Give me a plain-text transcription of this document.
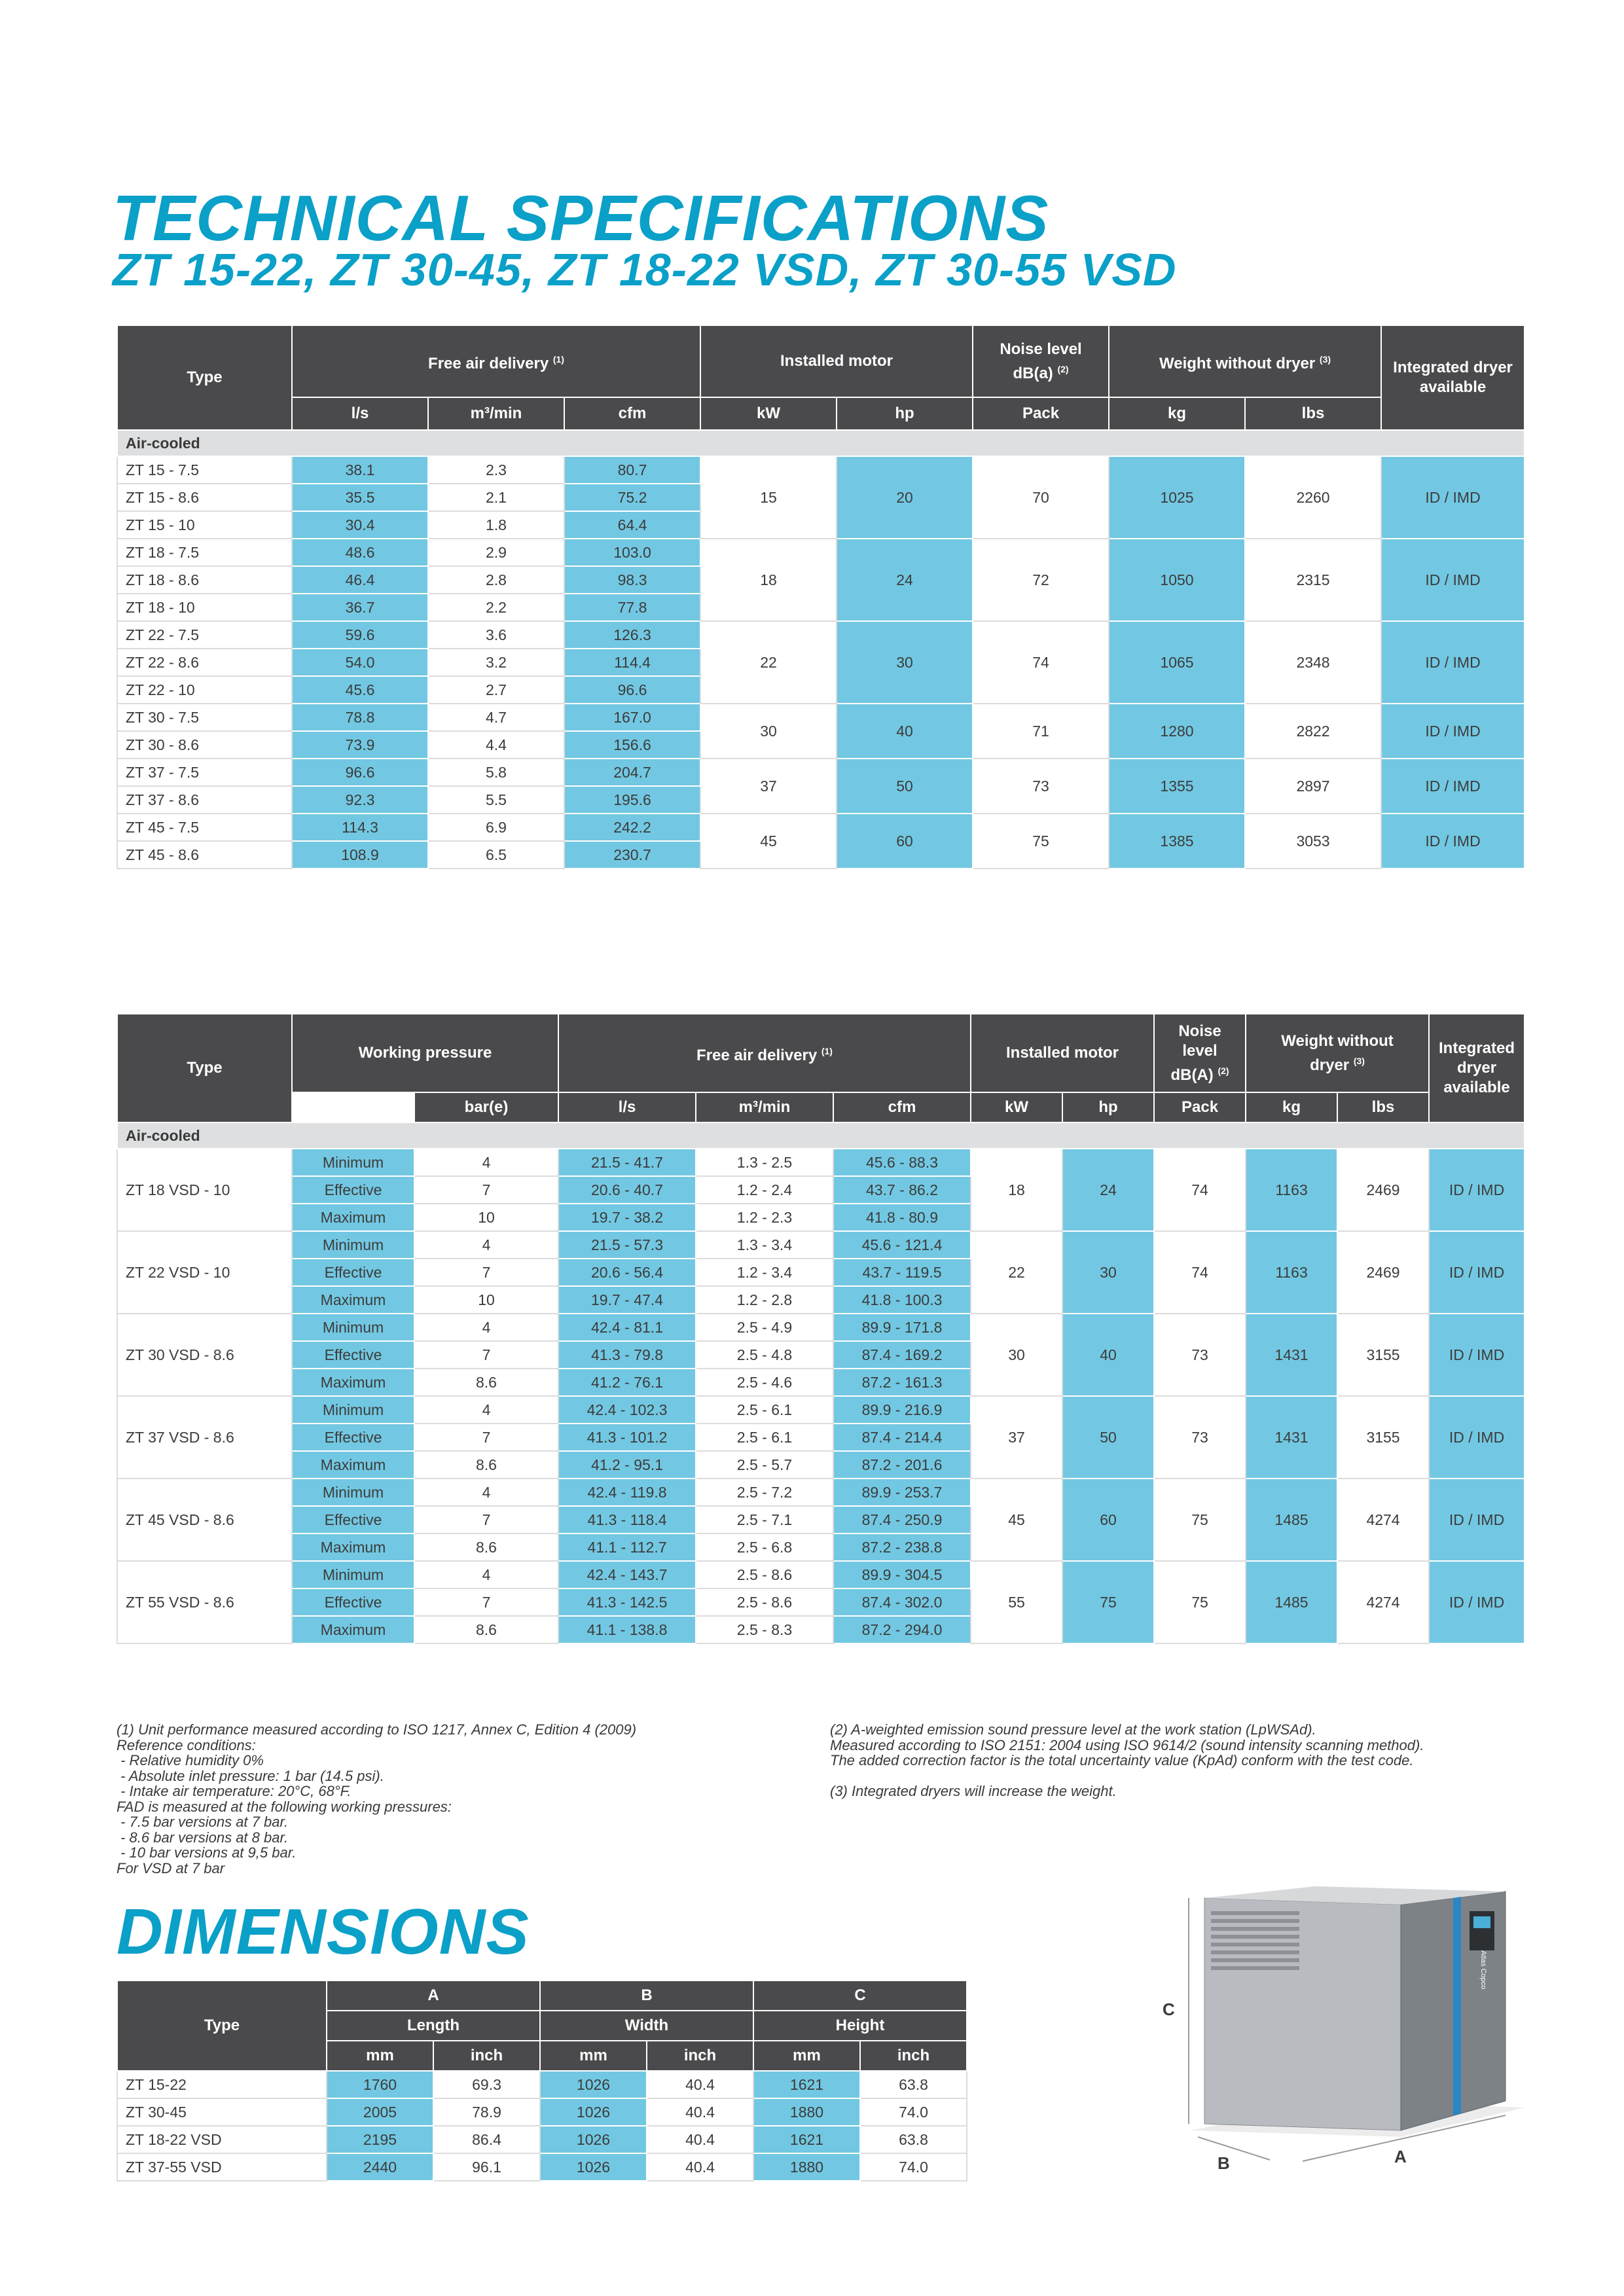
TECHNICAL SPECIFICATIONS
ZT 15-22, ZT 30-45, ZT 18-22 VSD, ZT 30-55 VSD
Type	Free air delivery $^{(1)}$			Installed motor		Noise level
dB(a) $^{(2)}$	Weight without dryer $^{(3)}$		Integrated dryer
available
	l/s	m³/min	cfm	kW	hp	Pack	kg	lbs	
Air-cooled									
ZT 15 - 7.5	38.1	2.3	80.7	15	20	70	1025	2260	ID / IMD
ZT 15 - 8.6	35.5	2.1	75.2						
ZT 15 - 10	30.4	1.8	64.4						
ZT 18 - 7.5	48.6	2.9	103.0	18	24	72	1050	2315	ID / IMD
ZT 18 - 8.6	46.4	2.8	98.3						
ZT 18 - 10	36.7	2.2	77.8						
ZT 22 - 7.5	59.6	3.6	126.3	22	30	74	1065	2348	ID / IMD
ZT 22 - 8.6	54.0	3.2	114.4						
ZT 22 - 10	45.6	2.7	96.6						
ZT 30 - 7.5	78.8	4.7	167.0	30	40	71	1280	2822	ID / IMD
ZT 30 - 8.6	73.9	4.4	156.6						
ZT 37 - 7.5	96.6	5.8	204.7	37	50	73	1355	2897	ID / IMD
ZT 37 - 8.6	92.3	5.5	195.6						
ZT 45 - 7.5	114.3	6.9	242.2	45	60	75	1385	3053	ID / IMD
ZT 45 - 8.6	108.9	6.5	230.7						
Type	Working pressure		Free air delivery $^{(1)}$			Installed motor		Noise
level
dB(A) $^{(2)}$	Weight without
dryer $^{(3)}$		Integrated
dryer
available
		bar(e)	l/s	m³/min	cfm	kW	hp	Pack	kg	lbs	
Air-cooled											
ZT 18 VSD - 10	Minimum	4	21.5 - 41.7	1.3 - 2.5	45.6 - 88.3	18	24	74	1163	2469	ID / IMD
	Effective	7	20.6 - 40.7	1.2 - 2.4	43.7 - 86.2						
	Maximum	10	19.7 - 38.2	1.2 - 2.3	41.8 - 80.9						
ZT 22 VSD - 10	Minimum	4	21.5 - 57.3	1.3 - 3.4	45.6 - 121.4	22	30	74	1163	2469	ID / IMD
	Effective	7	20.6 - 56.4	1.2 - 3.4	43.7 - 119.5						
	Maximum	10	19.7 - 47.4	1.2 - 2.8	41.8 - 100.3						
ZT 30 VSD - 8.6	Minimum	4	42.4 - 81.1	2.5 - 4.9	89.9 - 171.8	30	40	73	1431	3155	ID / IMD
	Effective	7	41.3 - 79.8	2.5 - 4.8	87.4 - 169.2						
	Maximum	8.6	41.2 - 76.1	2.5 - 4.6	87.2 - 161.3						
ZT 37 VSD - 8.6	Minimum	4	42.4 - 102.3	2.5 - 6.1	89.9 - 216.9	37	50	73	1431	3155	ID / IMD
	Effective	7	41.3 - 101.2	2.5 - 6.1	87.4 - 214.4						
	Maximum	8.6	41.2 - 95.1	2.5 - 5.7	87.2 - 201.6						
ZT 45 VSD - 8.6	Minimum	4	42.4 - 119.8	2.5 - 7.2	89.9 - 253.7	45	60	75	1485	4274	ID / IMD
	Effective	7	41.3 - 118.4	2.5 - 7.1	87.4 - 250.9						
	Maximum	8.6	41.1 - 112.7	2.5 - 6.8	87.2 - 238.8						
ZT 55 VSD - 8.6	Minimum	4	42.4 - 143.7	2.5 - 8.6	89.9 - 304.5	55	75	75	1485	4274	ID / IMD
	Effective	7	41.3 - 142.5	2.5 - 8.6	87.4 - 302.0						
	Maximum	8.6	41.1 - 138.8	2.5 - 8.3	87.2 - 294.0						
(1) Unit performance measured according to ISO 1217, Annex C, Edition 4 (2009)
Reference conditions:
- Relative humidity 0%
- Absolute inlet pressure: 1 bar (14.5 psi).
- Intake air temperature: 20°C, 68°F.
FAD is measured at the following working pressures:
- 7.5 bar versions at 7 bar.
- 8.6 bar versions at 8 bar.
- 10 bar versions at 9,5 bar.
For VSD at 7 bar
(2) A-weighted emission sound pressure level at the work station (LpWSAd).
Measured according to ISO 2151: 2004 using ISO 9614/2 (sound intensity scanning method).
The added correction factor is the total uncertainty value (KpAd) conform with the test code.

(3) Integrated dryers will increase the weight.
DIMENSIONS
Type	A		B		C	
	Length		Width		Height	
	mm	inch	mm	inch	mm	inch
ZT 15-22	1760	69.3	1026	40.4	1621	63.8
ZT 30-45	2005	78.9	1026	40.4	1880	74.0
ZT 18-22 VSD	2195	86.4	1026	40.4	1621	63.8
ZT 37-55 VSD	2440	96.1	1026	40.4	1880	74.0
C
B	A
Atlas Copco
